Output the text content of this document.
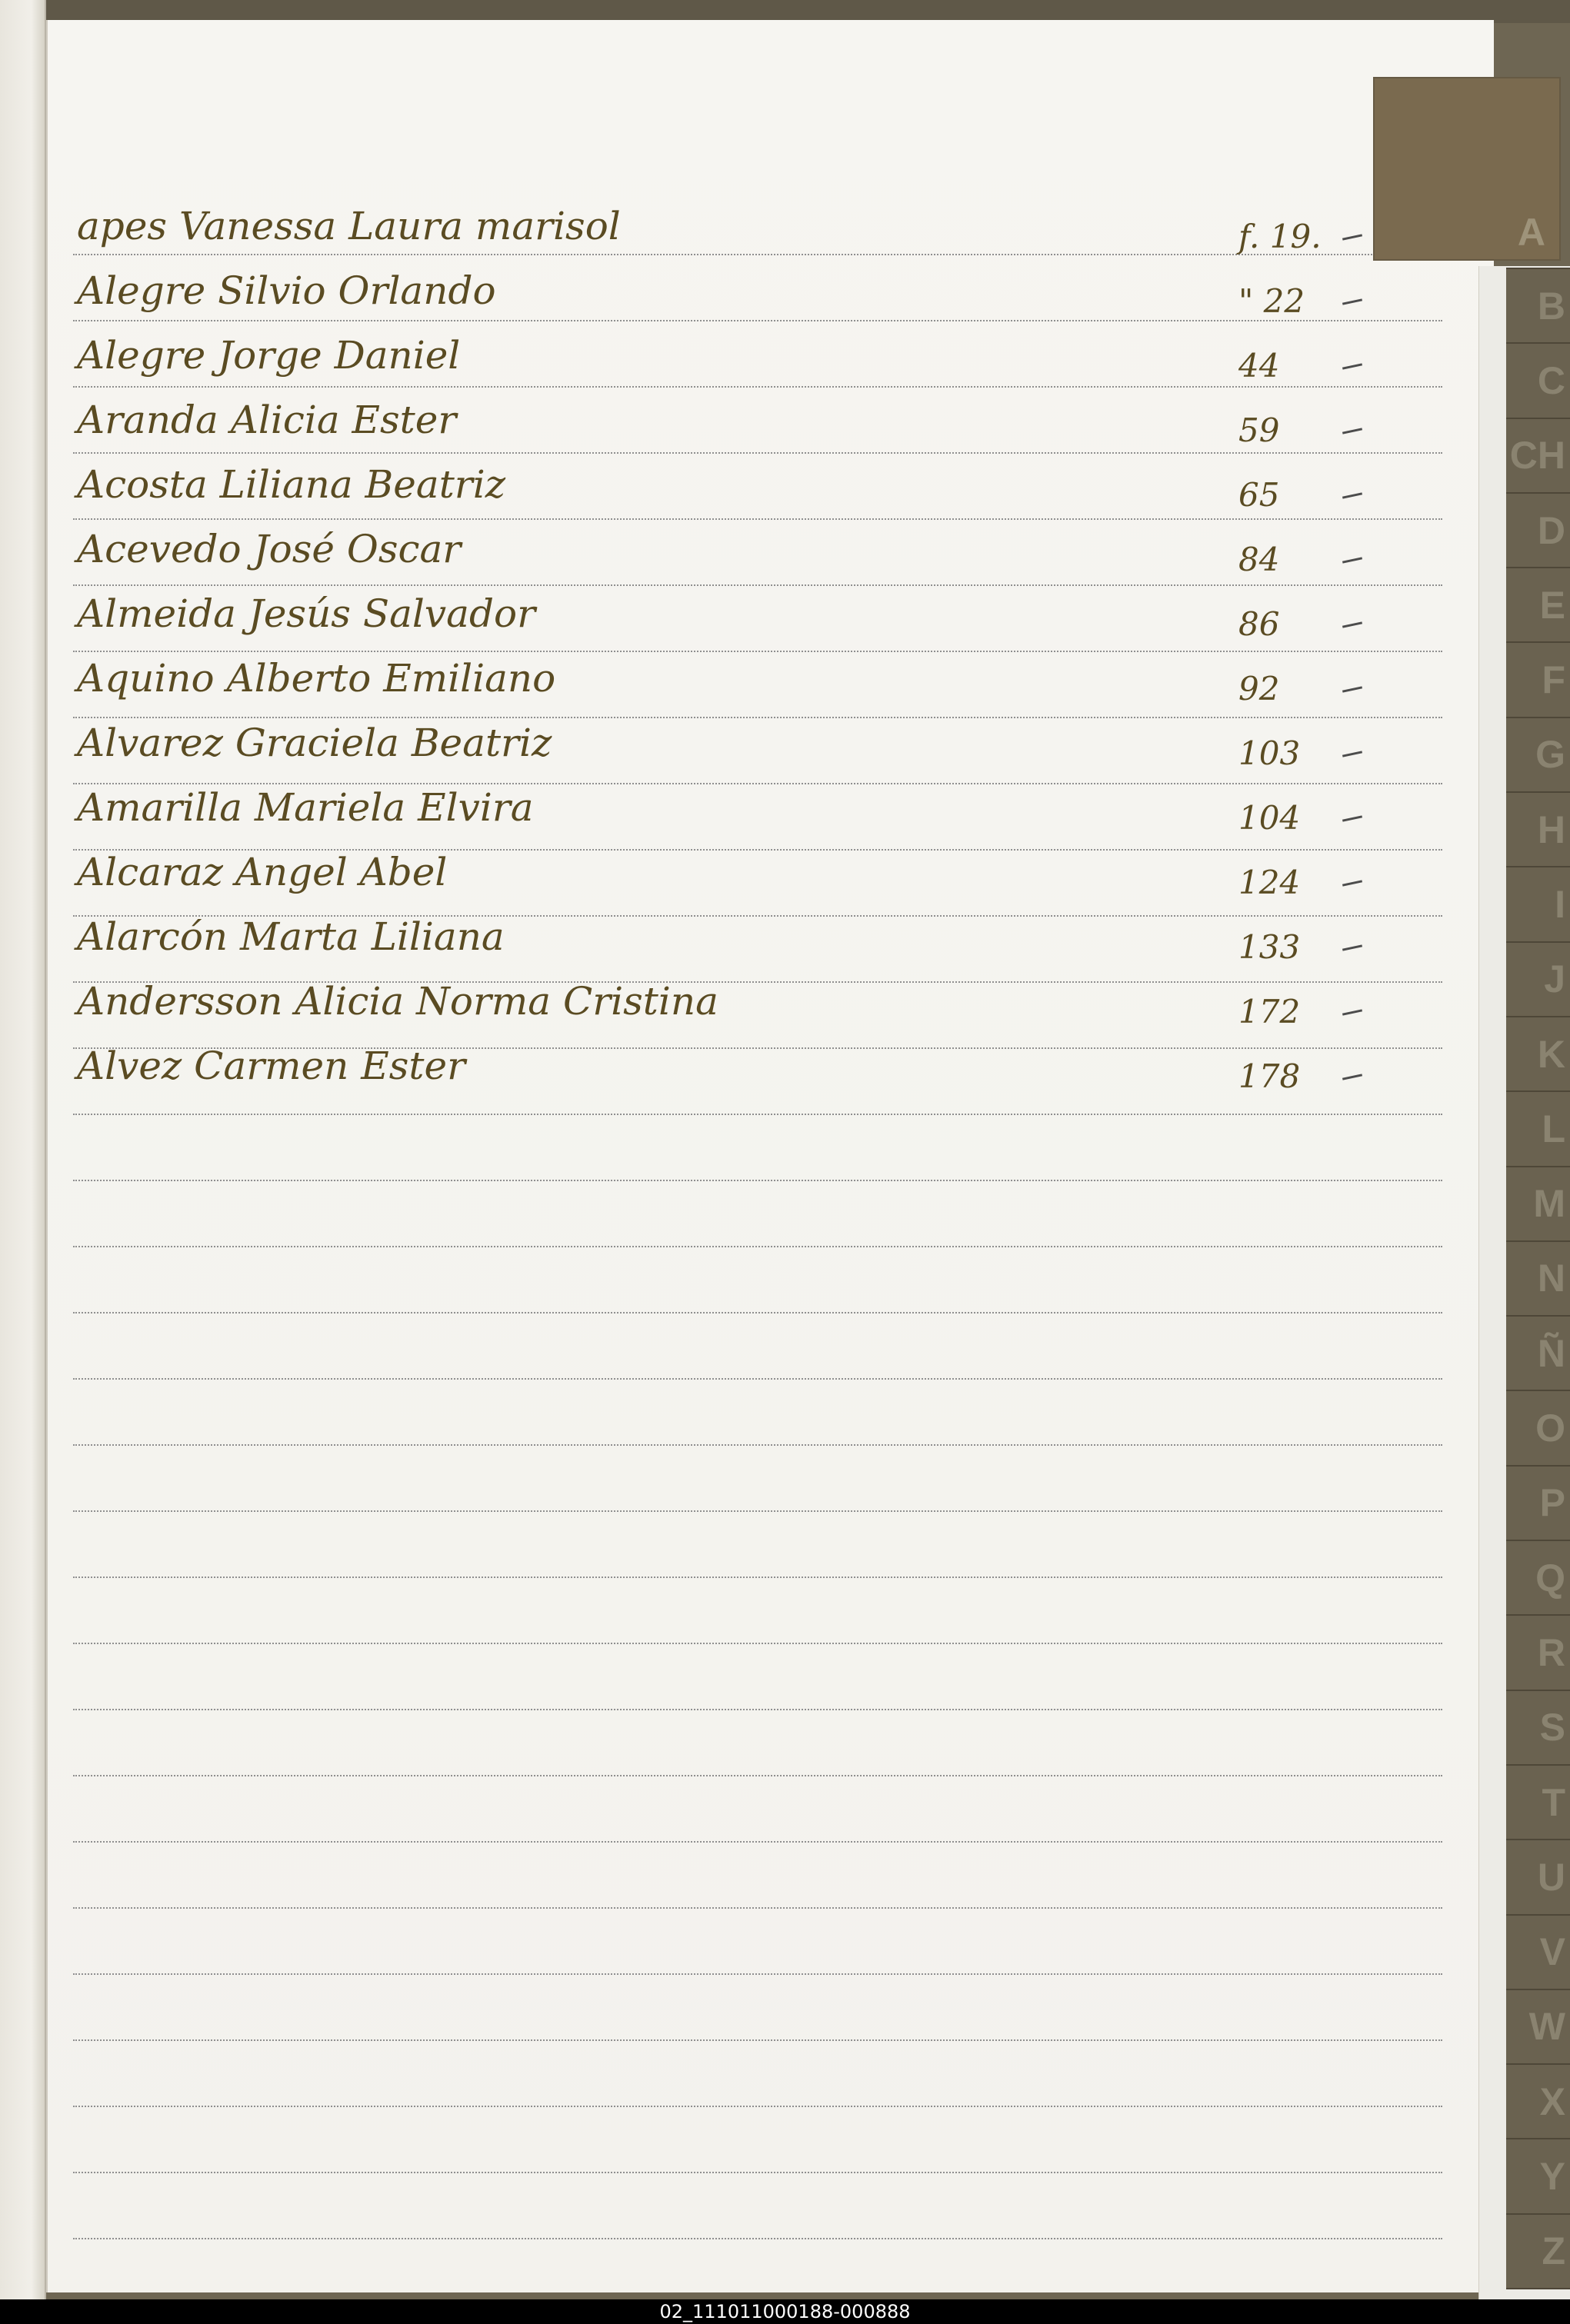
apes Vanessa Laura marisol	f. 19.
Alegre Silvio Orlando	" 22
Alegre Jorge Daniel	44
Aranda Alicia Ester	59
Acosta Liliana Beatriz	65
Acevedo José Oscar	84
Almeida Jesús Salvador	86
Aquino Alberto Emiliano	92
Alvarez Graciela Beatriz	103
Amarilla Mariela Elvira	104
Alcaraz Angel Abel	124
Alarcón Marta Liliana	133
Andersson Alicia Norma Cristina	172
Alvez Carmen Ester	178
A
B
C
CH
D
E
F
G
H
I
J
K
L
M
N
Ñ
O
P
Q
R
S
T
U
V
W
X
Y
Z
02_111011000188-000888
